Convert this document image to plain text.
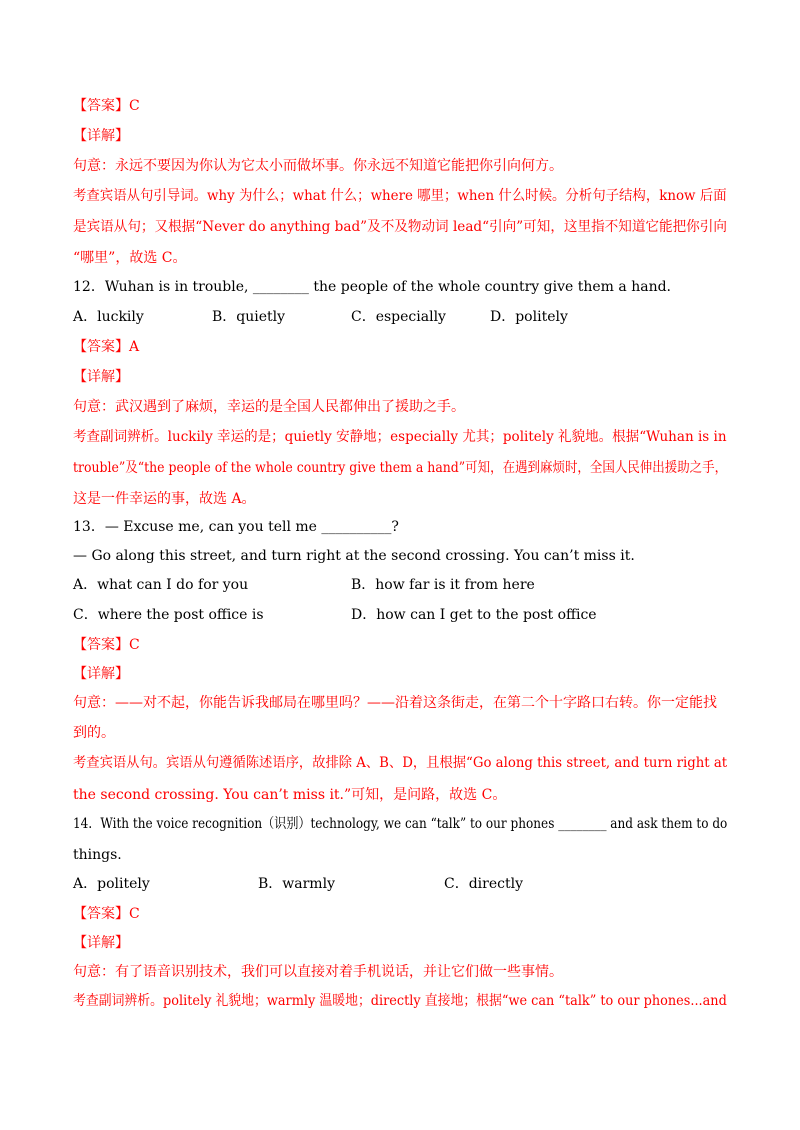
【答案】C
【详解】
句意：永远不要因为你认为它太小而做坏事。你永远不知道它能把你引向何方。
考查宾语从句引导词。why 为什么；what 什么；where 哪里；when 什么时候。分析句子结构，know 后面
是宾语从句；又根据“Never do anything bad”及不及物动词 lead“引向”可知，这里指不知道它能把你引向
“哪里”，故选 C。
12．Wuhan is in trouble, ________ the people of the whole country give them a hand.
A．luckily	B．quietly	C．especially	D．politely
【答案】A
【详解】
句意：武汉遇到了麻烦，幸运的是全国人民都伸出了援助之手。
考查副词辨析。luckily 幸运的是；quietly 安静地；especially 尤其；politely 礼貌地。根据“Wuhan is in
trouble”及“the people of the whole country give them a hand”可知，在遇到麻烦时，全国人民伸出援助之手，
这是一件幸运的事，故选 A。
13．— Excuse me, can you tell me __________?
— Go along this street, and turn right at the second crossing. You can’t miss it.
A．what can I do for you	B．how far is it from here
C．where the post office is	D．how can I get to the post office
【答案】C
【详解】
句意：——对不起，你能告诉我邮局在哪里吗？——沿着这条街走，在第二个十字路口右转。你一定能找
到的。
考查宾语从句。宾语从句遵循陈述语序，故排除 A、B、D，且根据“Go along this street, and turn right at
the second crossing. You can’t miss it.”可知，是问路，故选 C。
14．With the voice recognition（识别）technology, we can “talk” to our phones ________ and ask them to do
things.
A．politely	B．warmly	C．directly
【答案】C
【详解】
句意：有了语音识别技术，我们可以直接对着手机说话，并让它们做一些事情。
考查副词辨析。politely 礼貌地；warmly 温暖地；directly 直接地；根据“we can “talk” to our phones...and
